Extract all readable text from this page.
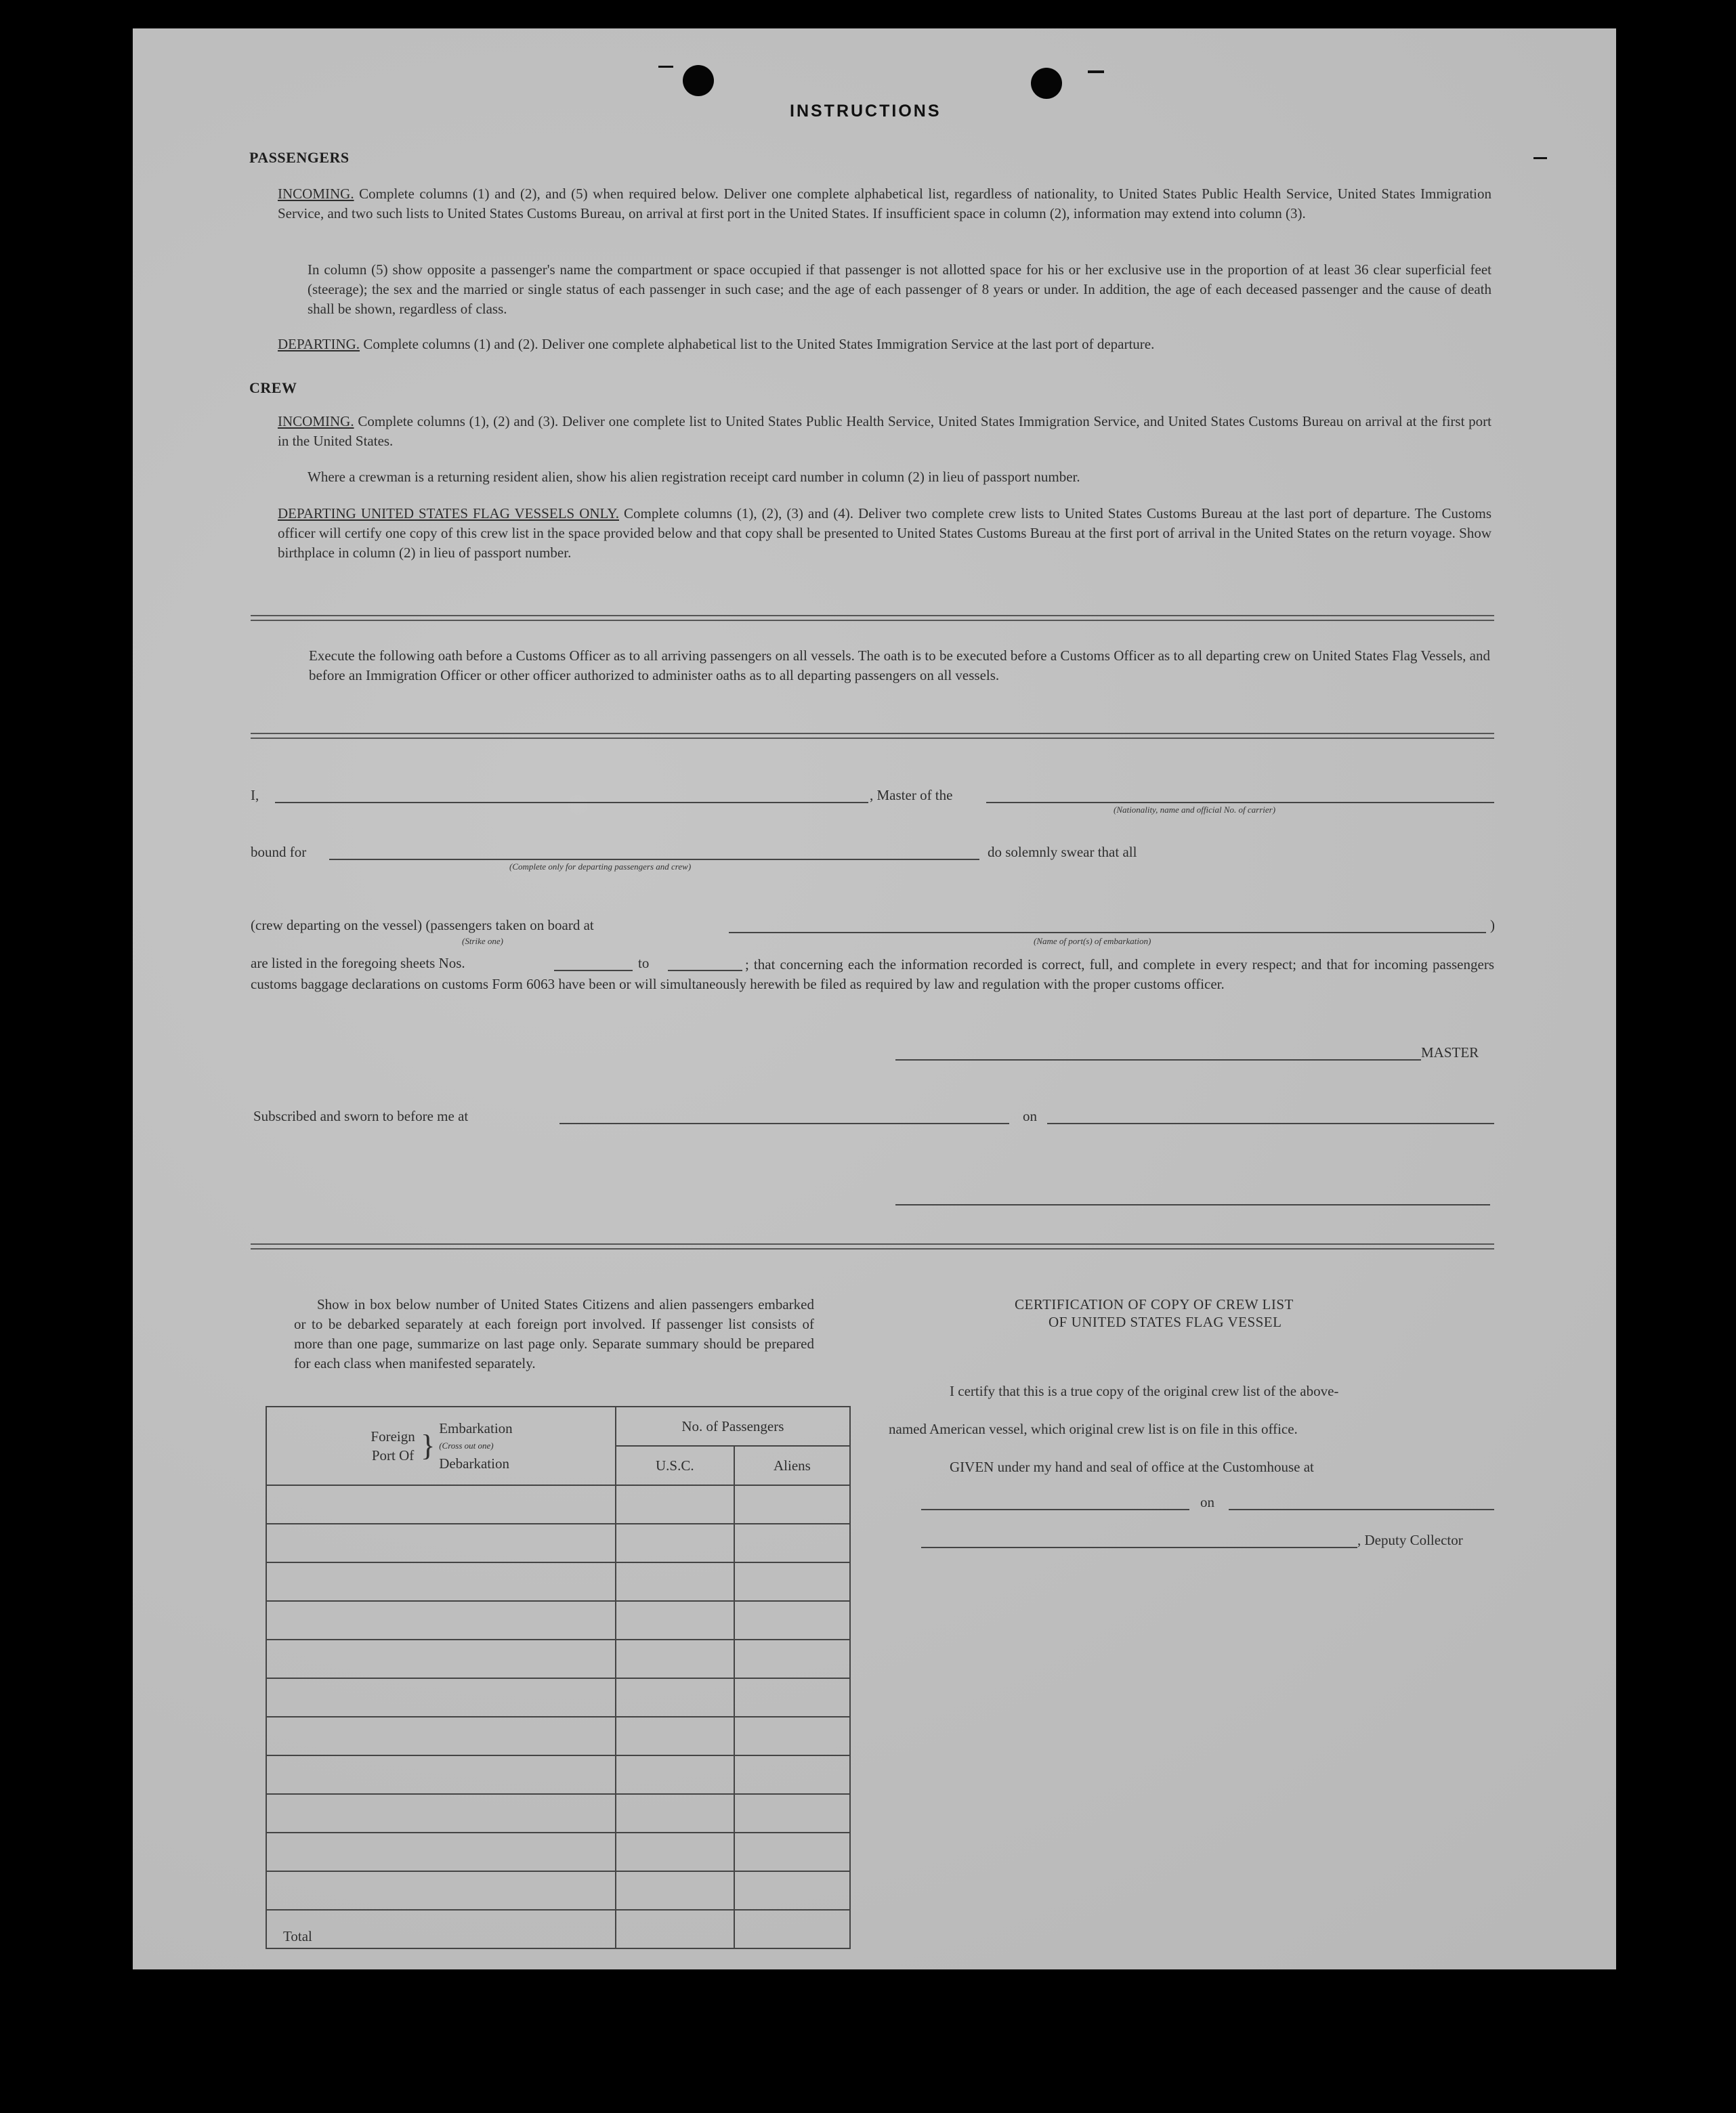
INSTRUCTIONS
PASSENGERS
INCOMING. Complete columns (1) and (2), and (5) when required below. Deliver one complete alphabetical list, regardless of nationality, to United States Public Health Service, United States Immigration Service, and two such lists to United States Customs Bureau, on arrival at first port in the United States. If insufficient space in column (2), information may extend into column (3).
In column (5) show opposite a passenger's name the compartment or space occupied if that passenger is not allotted space for his or her exclusive use in the proportion of at least 36 clear superficial feet (steerage); the sex and the married or single status of each passenger in such case; and the age of each passenger of 8 years or under. In addition, the age of each deceased passenger and the cause of death shall be shown, regardless of class.
DEPARTING. Complete columns (1) and (2). Deliver one complete alphabetical list to the United States Immigration Service at the last port of departure.
CREW
INCOMING. Complete columns (1), (2) and (3). Deliver one complete list to United States Public Health Service, United States Immigration Service, and United States Customs Bureau on arrival at the first port in the United States.
Where a crewman is a returning resident alien, show his alien registration receipt card number in column (2) in lieu of passport number.
DEPARTING UNITED STATES FLAG VESSELS ONLY. Complete columns (1), (2), (3) and (4). Deliver two complete crew lists to United States Customs Bureau at the last port of departure. The Customs officer will certify one copy of this crew list in the space provided below and that copy shall be presented to United States Customs Bureau at the first port of arrival in the United States on the return voyage. Show birthplace in column (2) in lieu of passport number.
Execute the following oath before a Customs Officer as to all arriving passengers on all vessels. The oath is to be executed before a Customs Officer as to all departing crew on United States Flag Vessels, and before an Immigration Officer or other officer authorized to administer oaths as to all departing passengers on all vessels.
I,	, Master of the
(Nationality, name and official No. of carrier)
bound for	do solemnly swear that all
(Complete only for departing passengers and crew)
(crew departing on the vessel) (passengers taken on board at	)
(Strike one)	(Name of port(s) of embarkation)
are listed in the foregoing sheets Nos.	to	; that concerning each the information recorded is correct, full, and complete in every respect; and that for incoming passengers customs baggage declarations on customs Form 6063 have been or will simultaneously herewith be filed as required by law and regulation with the proper customs officer.
MASTER
Subscribed and sworn to before me at	on
Show in box below number of United States Citizens and alien passengers embarked or to be debarked separately at each foreign port involved. If passenger list consists of more than one page, summarize on last page only. Separate summary should be prepared for each class when manifested separately.
Foreign Port Of }
Embarkation
(Cross out one)
Debarkation	No. of Passengers	
	U.S.C.	Aliens

Total		
CERTIFICATION OF COPY OF CREW LIST
OF UNITED STATES FLAG VESSEL
I certify that this is a true copy of the original crew list of the above-
named American vessel, which original crew list is on file in this office.
GIVEN under my hand and seal of office at the Customhouse at
on
, Deputy Collector
